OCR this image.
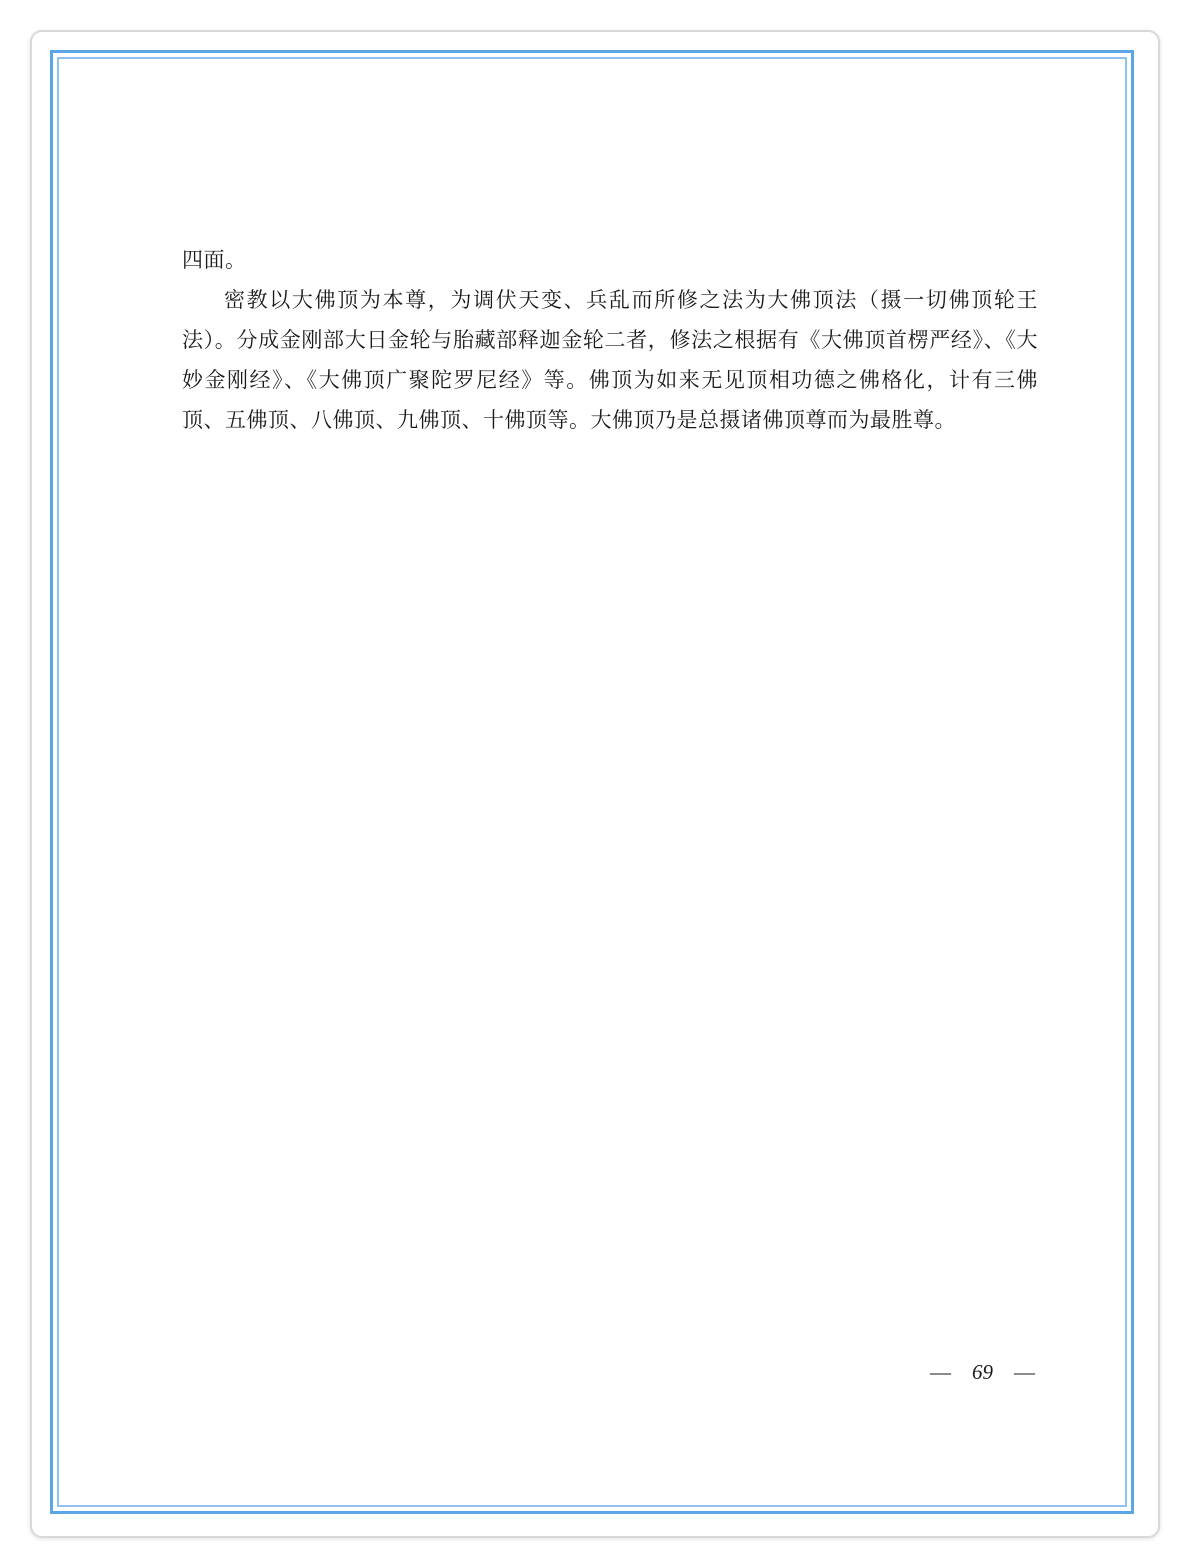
四面。

密教以大佛顶为本尊，为调伏天变、兵乱而所修之法为大佛顶法（摄一切佛顶轮王法）。分成金刚部大日金轮与胎藏部释迦金轮二者，修法之根据有《大佛顶首楞严经》、《大妙金刚经》、《大佛顶广聚陀罗尼经》等。佛顶为如来无见顶相功德之佛格化，计有三佛顶、五佛顶、八佛顶、九佛顶、十佛顶等。大佛顶乃是总摄诸佛顶尊而为最胜尊。

— 69 —
